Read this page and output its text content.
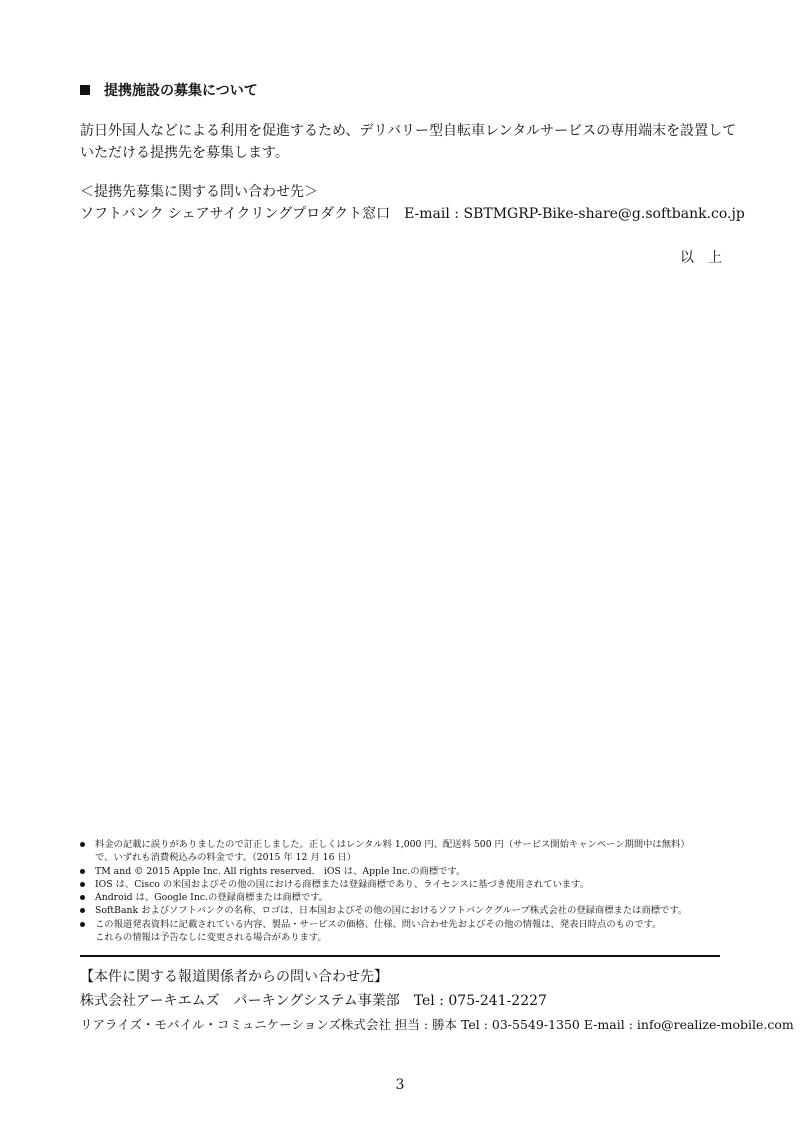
提携施設の募集について
訪日外国人などによる利用を促進するため、デリバリー型自転車レンタルサービスの専用端末を設置して
いただける提携先を募集します。
＜提携先募集に関する問い合わせ先＞
ソフトバンク シェアサイクリングプロダクト窓口　E-mail : SBTMGRP-Bike-share@g.softbank.co.jp
以　上
料金の記載に誤りがありましたので訂正しました。正しくはレンタル料 1,000 円、配送料 500 円（サービス開始キャンペーン期間中は無料）
で、いずれも消費税込みの料金です。（2015 年 12 月 16 日）
TM and © 2015 Apple Inc. All rights reserved.　iOS は、Apple Inc.の商標です。
IOS は、Cisco の米国およびその他の国における商標または登録商標であり、ライセンスに基づき使用されています。
Android は、Google Inc.の登録商標または商標です。
SoftBank およびソフトバンクの名称、ロゴは、日本国およびその他の国におけるソフトバンクグループ株式会社の登録商標または商標です。
この報道発表資料に記載されている内容、製品・サービスの価格、仕様、問い合わせ先およびその他の情報は、発表日時点のものです。
これらの情報は予告なしに変更される場合があります。
【本件に関する報道関係者からの問い合わせ先】
株式会社アーキエムズ　パーキングシステム事業部　Tel : 075-241-2227
リアライズ・モバイル・コミュニケーションズ株式会社 担当 : 勝本 Tel : 03-5549-1350 E-mail : info@realize-mobile.com
3
